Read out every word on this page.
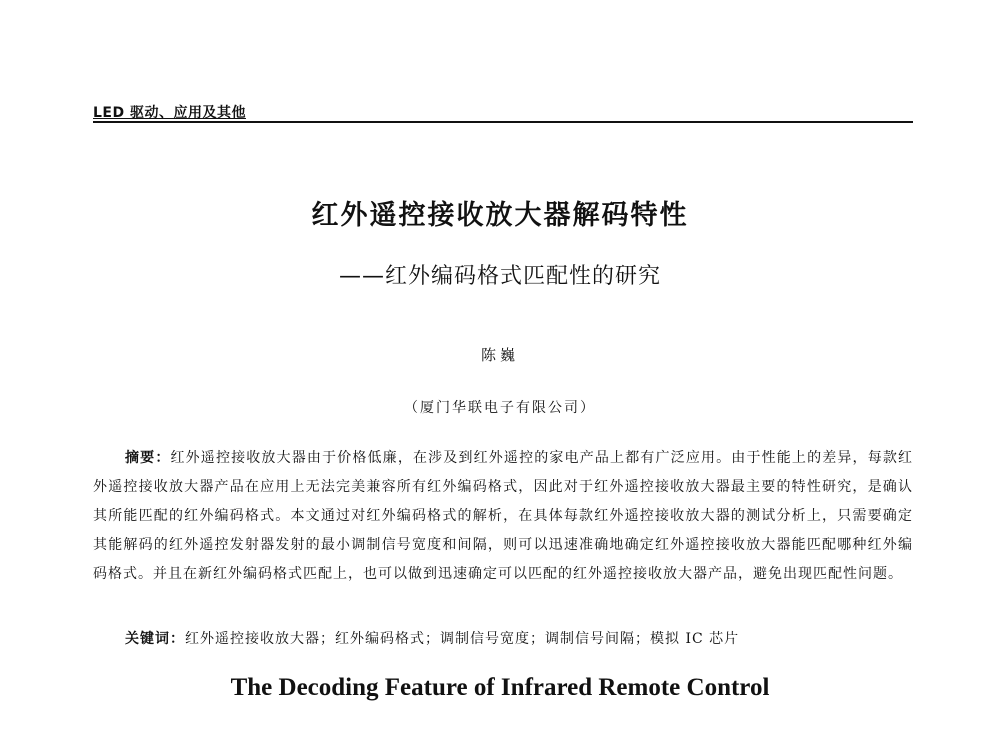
LED 驱动、应用及其他
红外遥控接收放大器解码特性
——红外编码格式匹配性的研究
陈巍
（厦门华联电子有限公司）

摘要：红外遥控接收放大器由于价格低廉，在涉及到红外遥控的家电产品上都有广泛应用。由于性能上的差异，每款红外遥控接收放大器产品在应用上无法完美兼容所有红外编码格式，因此对于红外遥控接收放大器最主要的特性研究，是确认其所能匹配的红外编码格式。本文通过对红外编码格式的解析，在具体每款红外遥控接收放大器的测试分析上，只需要确定其能解码的红外遥控发射器发射的最小调制信号宽度和间隔，则可以迅速准确地确定红外遥控接收放大器能匹配哪种红外编码格式。并且在新红外编码格式匹配上，也可以做到迅速确定可以匹配的红外遥控接收放大器产品，避免出现匹配性问题。

关键词：红外遥控接收放大器；红外编码格式；调制信号宽度；调制信号间隔；模拟 IC 芯片

The Decoding Feature of Infrared Remote Control
